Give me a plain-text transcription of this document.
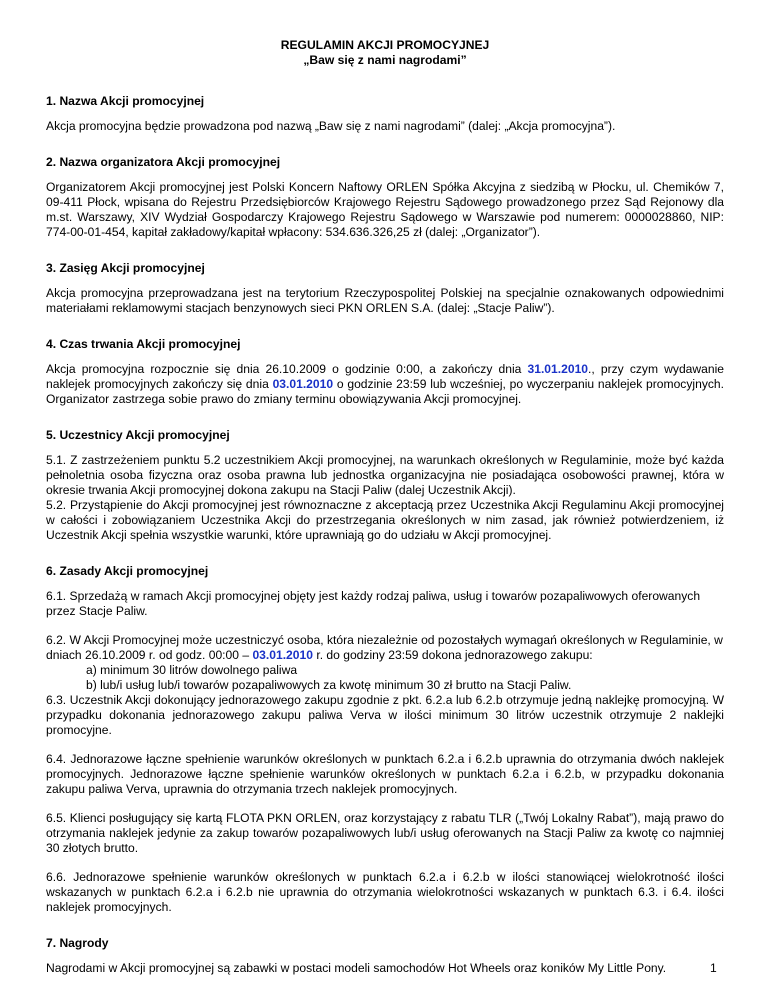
REGULAMIN AKCJI PROMOCYJNEJ
„Baw się z nami nagrodami”
1. Nazwa Akcji promocyjnej

Akcja promocyjna będzie prowadzona pod nazwą „Baw się z nami nagrodami” (dalej: „Akcja promocyjna”).

2. Nazwa organizatora Akcji promocyjnej

Organizatorem Akcji promocyjnej jest Polski Koncern Naftowy ORLEN Spółka Akcyjna z siedzibą w Płocku, ul. Chemików 7, 09-411 Płock, wpisana do Rejestru Przedsiębiorców Krajowego Rejestru Sądowego prowadzonego przez Sąd Rejonowy dla m.st. Warszawy, XIV Wydział Gospodarczy Krajowego Rejestru Sądowego w Warszawie pod numerem: 0000028860, NIP: 774-00-01-454, kapitał zakładowy/kapitał wpłacony: 534.636.326,25 zł (dalej: „Organizator”).

3. Zasięg Akcji promocyjnej

Akcja promocyjna przeprowadzana jest na terytorium Rzeczypospolitej Polskiej na specjalnie oznakowanych odpowiednimi materiałami reklamowymi stacjach benzynowych sieci PKN ORLEN S.A. (dalej: „Stacje Paliw”).

4. Czas trwania Akcji promocyjnej

Akcja promocyjna rozpocznie się dnia 26.10.2009 o godzinie 0:00, a zakończy dnia 31.01.2010., przy czym wydawanie naklejek promocyjnych zakończy się dnia 03.01.2010 o godzinie 23:59 lub wcześniej, po wyczerpaniu naklejek promocyjnych. Organizator zastrzega sobie prawo do zmiany terminu obowiązywania Akcji promocyjnej.

5. Uczestnicy Akcji promocyjnej

5.1. Z zastrzeżeniem punktu 5.2 uczestnikiem Akcji promocyjnej, na warunkach określonych w Regulaminie, może być każda pełnoletnia osoba fizyczna oraz osoba prawna lub jednostka organizacyjna nie posiadająca osobowości prawnej, która w okresie trwania Akcji promocyjnej dokona zakupu na Stacji Paliw (dalej Uczestnik Akcji).

5.2. Przystąpienie do Akcji promocyjnej jest równoznaczne z akceptacją przez Uczestnika Akcji Regulaminu Akcji promocyjnej w całości i zobowiązaniem Uczestnika Akcji do przestrzegania określonych w nim zasad, jak również potwierdzeniem, iż Uczestnik Akcji spełnia wszystkie warunki, które uprawniają go do udziału w Akcji promocyjnej.

6. Zasady Akcji promocyjnej

6.1. Sprzedażą w ramach Akcji promocyjnej objęty jest każdy rodzaj paliwa, usług i towarów pozapaliwowych oferowanych przez Stacje Paliw.

6.2. W Akcji Promocyjnej może uczestniczyć osoba, która niezależnie od pozostałych wymagań określonych w Regulaminie, w dniach 26.10.2009 r. od godz. 00:00 – 03.01.2010 r. do godziny 23:59 dokona jednorazowego zakupu:

a) minimum 30 litrów dowolnego paliwa
b) lub/i usług lub/i towarów pozapaliwowych za kwotę minimum 30 zł brutto na Stacji Paliw.

6.3. Uczestnik Akcji dokonujący jednorazowego zakupu zgodnie z pkt. 6.2.a lub 6.2.b otrzymuje jedną naklejkę promocyjną. W przypadku dokonania jednorazowego zakupu paliwa Verva w ilości minimum 30 litrów uczestnik otrzymuje 2 naklejki promocyjne.

6.4. Jednorazowe łączne spełnienie warunków określonych w punktach 6.2.a i 6.2.b uprawnia do otrzymania dwóch naklejek promocyjnych. Jednorazowe łączne spełnienie warunków określonych w punktach 6.2.a i 6.2.b, w przypadku dokonania zakupu paliwa Verva, uprawnia do otrzymania trzech naklejek promocyjnych.

6.5. Klienci posługujący się kartą FLOTA PKN ORLEN, oraz korzystający z rabatu TLR („Twój Lokalny Rabat”), mają prawo do otrzymania naklejek jedynie za zakup towarów pozapaliwowych lub/i usług oferowanych na Stacji Paliw za kwotę co najmniej 30 złotych brutto.

6.6. Jednorazowe spełnienie warunków określonych w punktach 6.2.a i 6.2.b w ilości stanowiącej wielokrotność ilości wskazanych w punktach 6.2.a i 6.2.b nie uprawnia do otrzymania wielokrotności wskazanych w punktach 6.3. i 6.4. ilości naklejek promocyjnych.

7. Nagrody

Nagrodami w Akcji promocyjnej są zabawki w postaci modeli samochodów Hot Wheels oraz koników My Little Pony.	1
